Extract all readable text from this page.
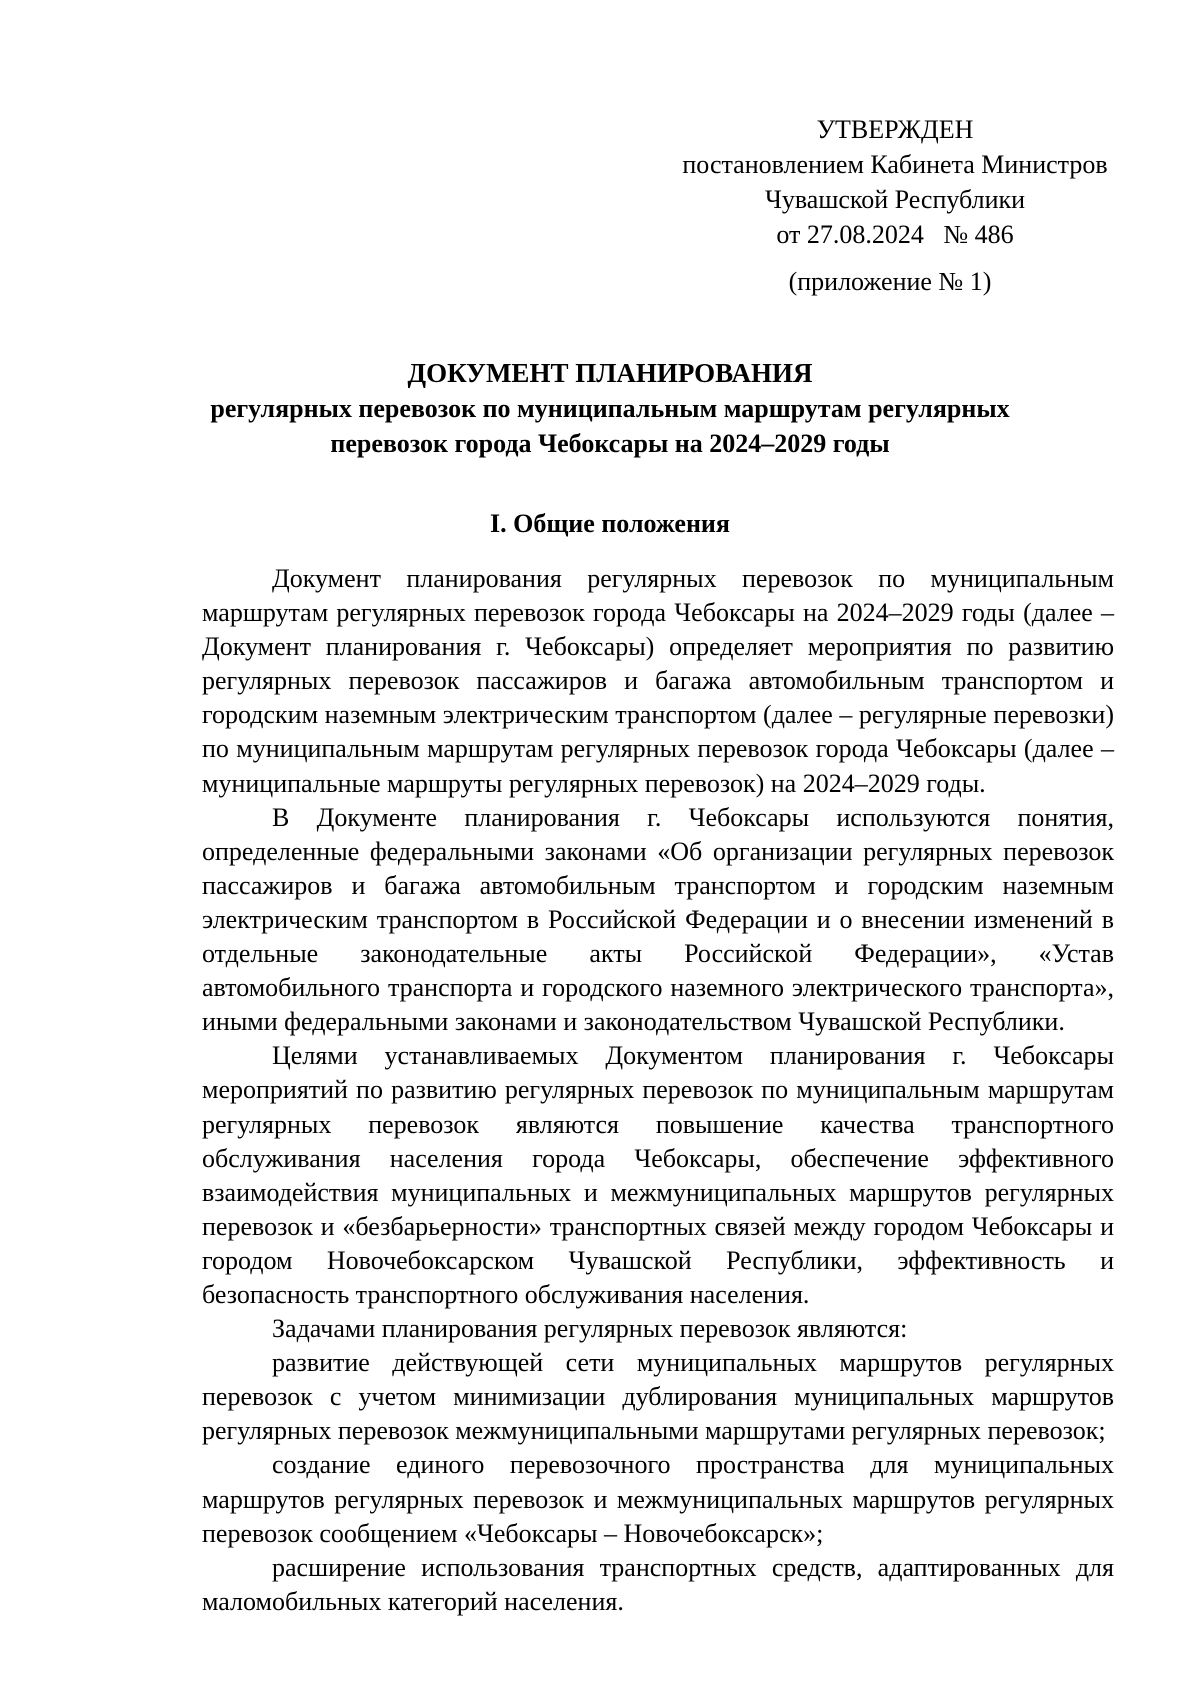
УТВЕРЖДЕН
постановлением Кабинета Министров
Чувашской Республики
от 27.08.2024   № 486
(приложение № 1)
ДОКУМЕНТ ПЛАНИРОВАНИЯ
регулярных перевозок по муниципальным маршрутам регулярных
перевозок города Чебоксары на 2024–2029 годы
I. Общие положения

Документ планирования регулярных перевозок по муниципальным маршрутам регулярных перевозок города Чебоксары на 2024–2029 годы (далее – Документ планирования г. Чебоксары) определяет мероприятия по развитию регулярных перевозок пассажиров и багажа автомобильным транспортом и городским наземным электрическим транспортом (далее – регулярные перевозки) по муниципальным маршрутам регулярных перевозок города Чебоксары (далее – муниципальные маршруты регулярных перевозок) на 2024–2029 годы.

В Документе планирования г. Чебоксары используются понятия, определенные федеральными законами «Об организации регулярных перевозок пассажиров и багажа автомобильным транспортом и городским наземным электрическим транспортом в Российской Федерации и о внесении изменений в отдельные законодательные акты Российской Федерации», «Устав автомобильного транспорта и городского наземного электрического транспорта», иными федеральными законами и законодательством Чувашской Республики.

Целями устанавливаемых Документом планирования г. Чебоксары мероприятий по развитию регулярных перевозок по муниципальным маршрутам регулярных перевозок являются повышение качества транспортного обслуживания населения города Чебоксары, обеспечение эффективного взаимодействия муниципальных и межмуниципальных маршрутов регулярных перевозок и «безбарьерности» транспортных связей между городом Чебоксары и городом Новочебоксарском Чувашской Республики, эффективность и безопасность транспортного обслуживания населения.

Задачами планирования регулярных перевозок являются:

развитие действующей сети муниципальных маршрутов регулярных перевозок с учетом минимизации дублирования муниципальных маршрутов регулярных перевозок межмуниципальными маршрутами регулярных перевозок;

создание единого перевозочного пространства для муниципальных маршрутов регулярных перевозок и межмуниципальных маршрутов регулярных перевозок сообщением «Чебоксары – Новочебоксарск»;

расширение использования транспортных средств, адаптированных для маломобильных категорий населения.
